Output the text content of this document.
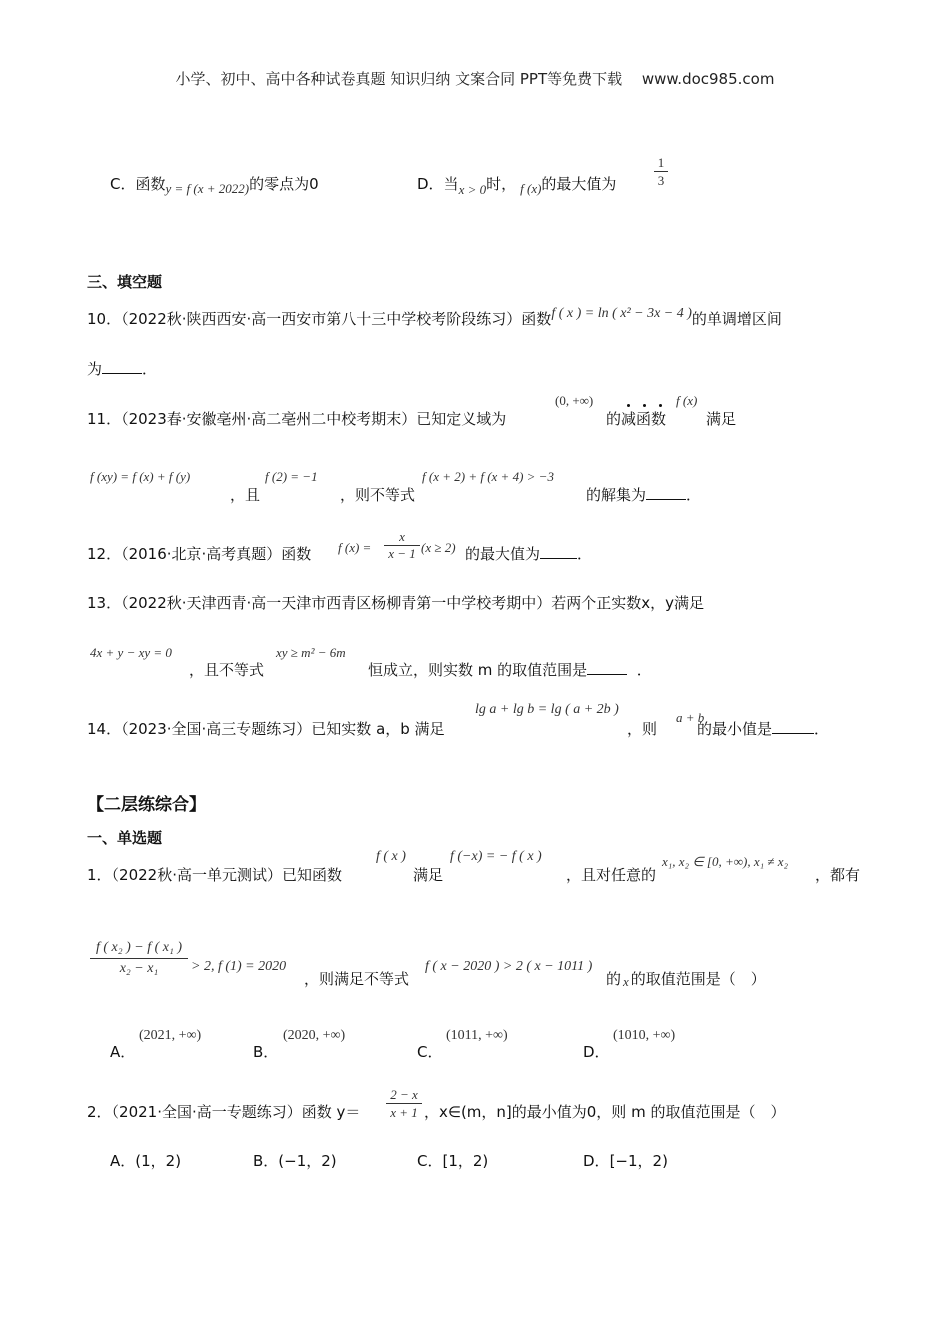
小学、初中、高中各种试卷真题 知识归纳 文案合同 PPT等免费下载　 www.doc985.com
C．函数y = f (x + 2022)的零点为0	D．当x > 0时， f (x)的最大值为	$\frac{1}{3}$
三、填空题
10．（2022秋·陕西西安·高一西安市第八十三中学校考阶段练习）函数f ( x ) = ln ( x² − 3x − 4 )的单调增区间
为	．
11．（2023春·安徽亳州·高二亳州二中校考期末）已知定义域为
(0, +∞)
的减函数
f (x)
满足
f (xy) = f (x) + f (y)
，且
f (2) = −1
，则不等式
f (x + 2) + f (x + 4) > −3
的解集为	．
12．（2016·北京·高考真题）函数 f $(x) = \frac{x}{x - 1} (x \ge 2)$ 的最大值为 ．
13．（2022秋·天津西青·高一天津市西青区杨柳青第一中学校考期中）若两个正实数x，y满足
4x + y − xy = 0
，且不等式
xy ≥ m² − 6m
恒成立，则实数 m 的取值范围是	．
14．（2023·全国·高三专题练习）已知实数 a，b 满足
lg a + lg b = lg ( a + 2b )
，则
a + b
的最小值是	．
【二层练综合】
一、单选题
1．（2022秋·高一单元测试）已知函数
f ( x )
满足
f (−x) = − f ( x )
，且对任意的
x₁, x₂ ∈ [0, +∞), x₁ ≠ x₂
，都有
$\frac{\text{f ( x₂ ) − f ( x₁ )}}{\text{x₂ − x₁}} > 2$, f (1) = 2020
，则满足不等式
f ( x − 2020 ) > 2 ( x − 1011 )
的 x 的取值范围是（　）
A．
(2021, +∞)
B．
(2020, +∞)
C．
(1011, +∞)
D．
(1010, +∞)
2．（2021·全国·高一专题练习）函数 $y= \frac{2 - x}{x + 1}$ ，x∈(m，n]的最小值为0，则 m 的取值范围是（　）
A．(1，2)	B．(−1，2)	C．[1，2)	D．[−1，2)
